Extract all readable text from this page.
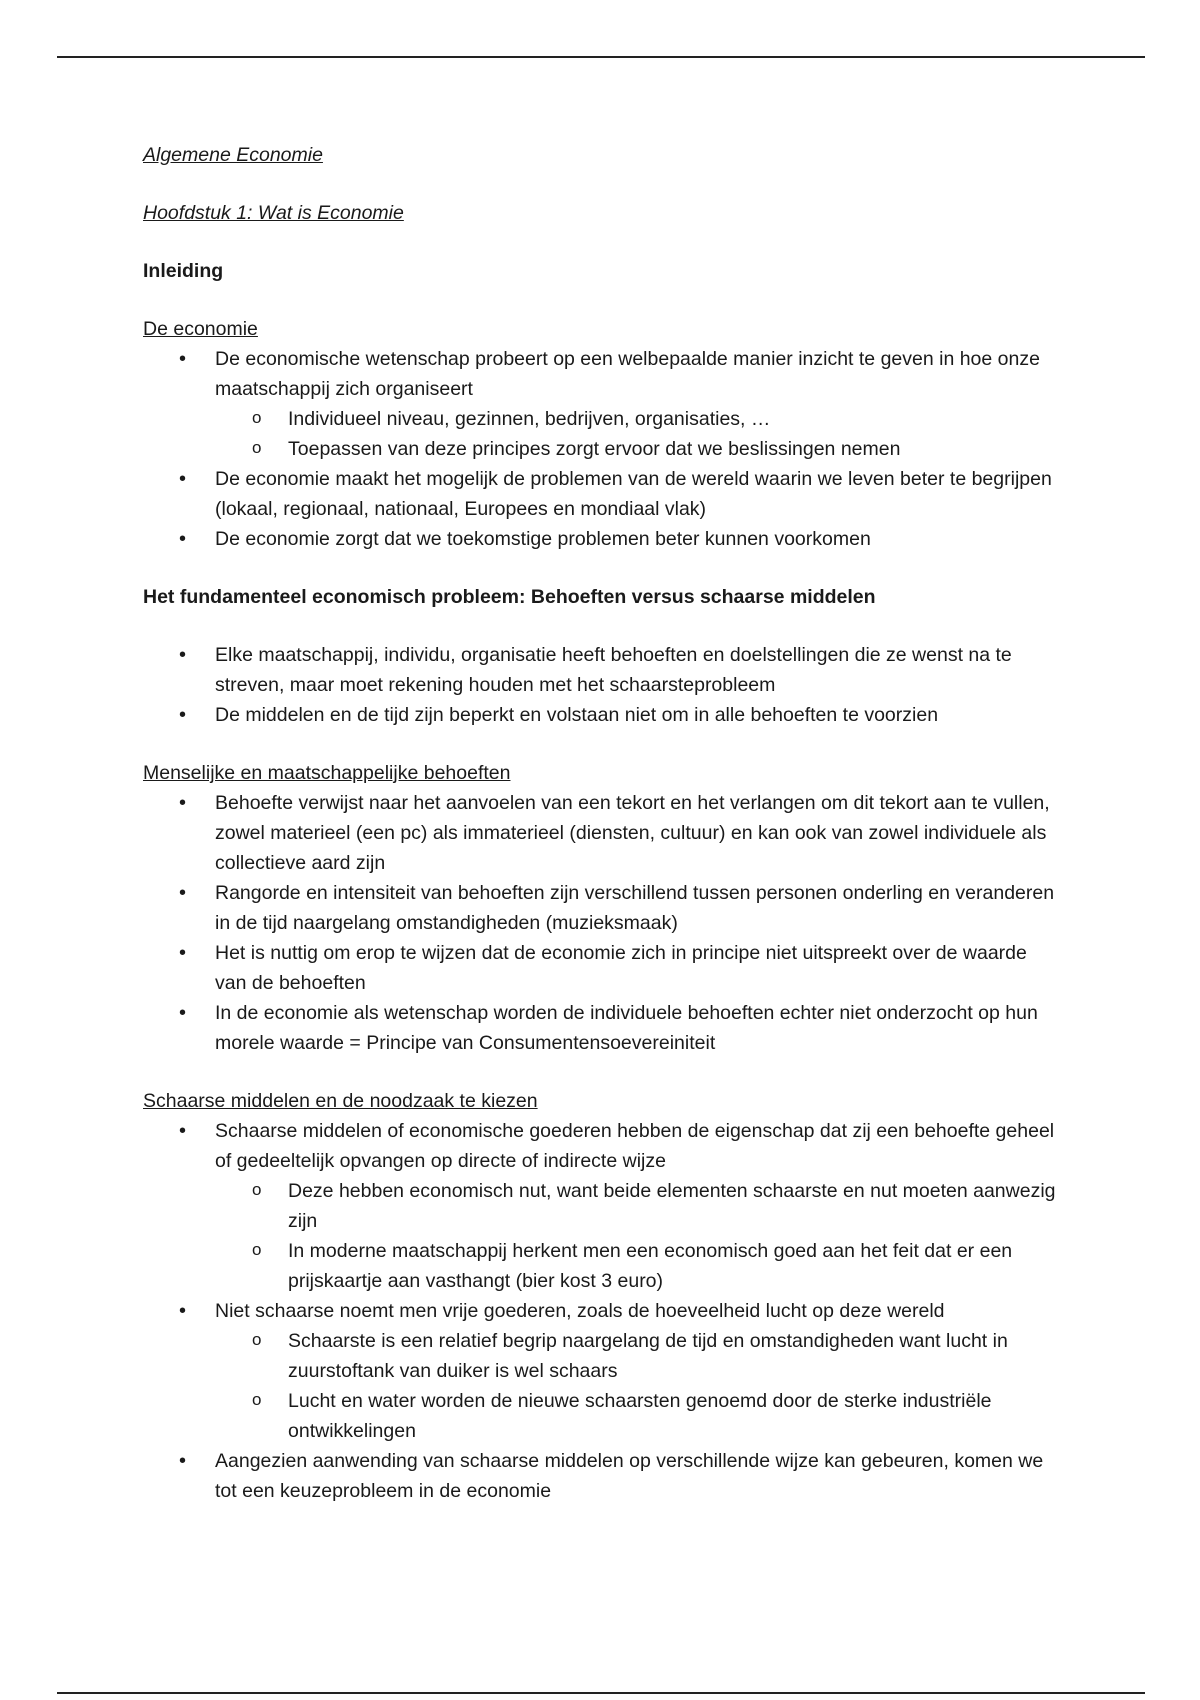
Algemene Economie

Hoofdstuk 1: Wat is Economie

Inleiding

De economie

• De economische wetenschap probeert op een welbepaalde manier inzicht te geven in hoe onze maatschappij zich organiseert
o Individueel niveau, gezinnen, bedrijven, organisaties, …
o Toepassen van deze principes zorgt ervoor dat we beslissingen nemen
• De economie maakt het mogelijk de problemen van de wereld waarin we leven beter te begrijpen (lokaal, regionaal, nationaal, Europees en mondiaal vlak)
• De economie zorgt dat we toekomstige problemen beter kunnen voorkomen

Het fundamenteel economisch probleem: Behoeften versus schaarse middelen

• Elke maatschappij, individu, organisatie heeft behoeften en doelstellingen die ze wenst na te streven, maar moet rekening houden met het schaarsteprobleem
• De middelen en de tijd zijn beperkt en volstaan niet om in alle behoeften te voorzien

Menselijke en maatschappelijke behoeften

• Behoefte verwijst naar het aanvoelen van een tekort en het verlangen om dit tekort aan te vullen, zowel materieel (een pc) als immaterieel (diensten, cultuur) en kan ook van zowel individuele als collectieve aard zijn
• Rangorde en intensiteit van behoeften zijn verschillend tussen personen onderling en veranderen in de tijd naargelang omstandigheden (muzieksmaak)
• Het is nuttig om erop te wijzen dat de economie zich in principe niet uitspreekt over de waarde van de behoeften
• In de economie als wetenschap worden de individuele behoeften echter niet onderzocht op hun morele waarde = Principe van Consumentensoevereiniteit

Schaarse middelen en de noodzaak te kiezen

• Schaarse middelen of economische goederen hebben de eigenschap dat zij een behoefte geheel of gedeeltelijk opvangen op directe of indirecte wijze
o Deze hebben economisch nut, want beide elementen schaarste en nut moeten aanwezig zijn
o In moderne maatschappij herkent men een economisch goed aan het feit dat er een prijskaartje aan vasthangt (bier kost 3 euro)
• Niet schaarse noemt men vrije goederen, zoals de hoeveelheid lucht op deze wereld
o Schaarste is een relatief begrip naargelang de tijd en omstandigheden want lucht in zuurstoftank van duiker is wel schaars
o Lucht en water worden de nieuwe schaarsten genoemd door de sterke industriële ontwikkelingen
• Aangezien aanwending van schaarse middelen op verschillende wijze kan gebeuren, komen we tot een keuzeprobleem in de economie
